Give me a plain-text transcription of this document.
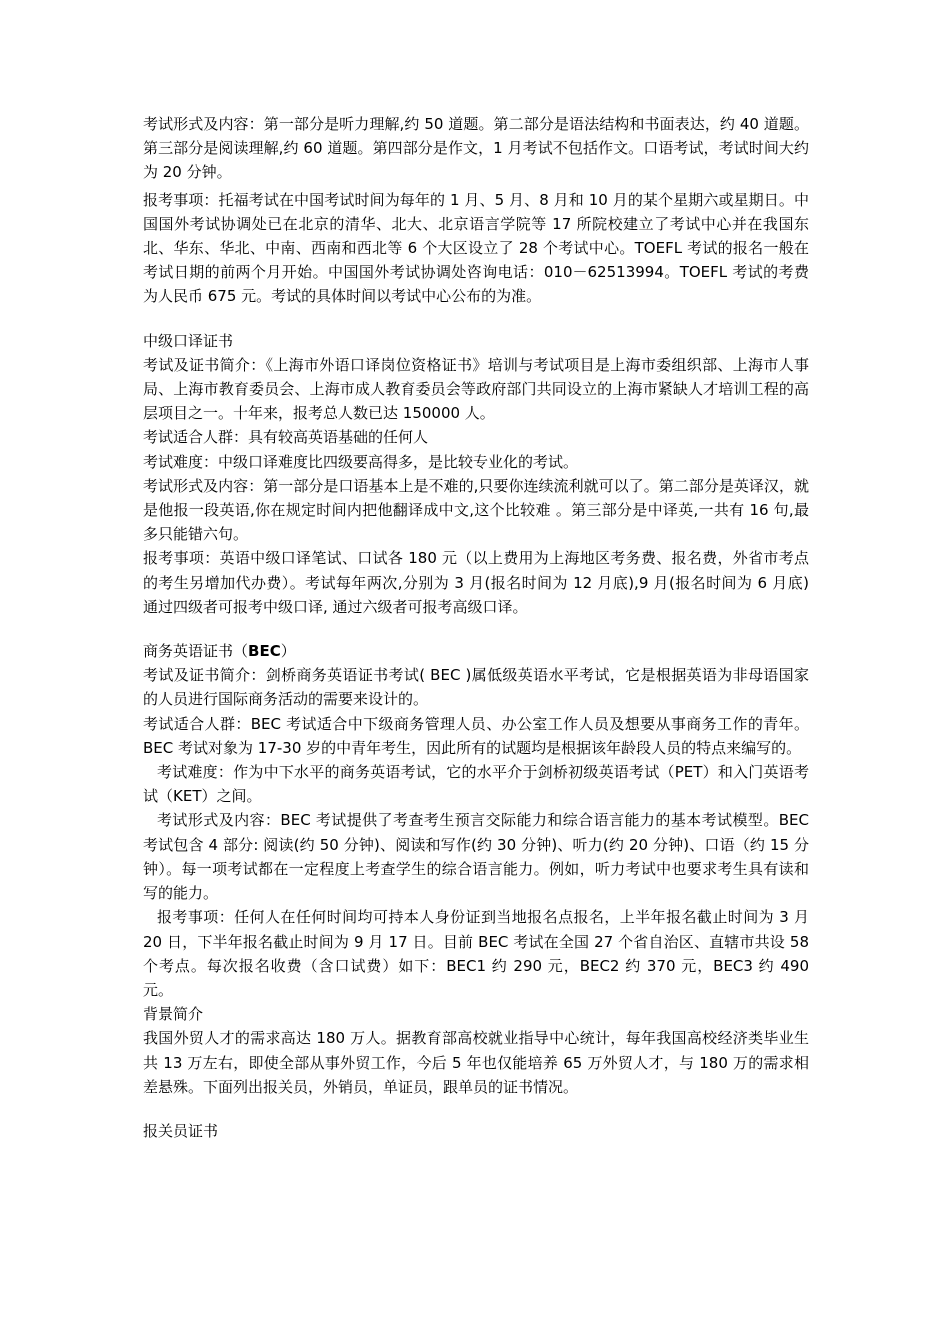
考试形式及内容：第一部分是听力理解,约 50 道题。第二部分是语法结构和书面表达，约 40 道题。第三部分是阅读理解,约 60 道题。第四部分是作文，1 月考试不包括作文。口语考试，考试时间大约为 20 分钟。

报考事项：托福考试在中国考试时间为每年的 1 月、5 月、8 月和 10 月的某个星期六或星期日。中国国外考试协调处已在北京的清华、北大、北京语言学院等 17 所院校建立了考试中心并在我国东北、华东、华北、中南、西南和西北等 6 个大区设立了 28 个考试中心。TOEFL 考试的报名一般在考试日期的前两个月开始。中国国外考试协调处咨询电话：010－62513994。TOEFL 考试的考费为人民币 675 元。考试的具体时间以考试中心公布的为准。

中级口译证书

考试及证书简介：《上海市外语口译岗位资格证书》培训与考试项目是上海市委组织部、上海市人事局、上海市教育委员会、上海市成人教育委员会等政府部门共同设立的上海市紧缺人才培训工程的高层项目之一。十年来，报考总人数已达 150000 人。

考试适合人群：具有较高英语基础的任何人

考试难度：中级口译难度比四级要高得多，是比较专业化的考试。

考试形式及内容：第一部分是口语基本上是不难的,只要你连续流利就可以了。第二部分是英译汉，就是他报一段英语,你在规定时间内把他翻译成中文,这个比较难 。第三部分是中译英,一共有 16 句,最多只能错六句。

报考事项：英语中级口译笔试、口试各 180 元（以上费用为上海地区考务费、报名费，外省市考点的考生另增加代办费）。考试每年两次,分别为 3 月(报名时间为 12 月底),9 月(报名时间为 6 月底) 通过四级者可报考中级口译, 通过六级者可报考高级口译。

商务英语证书（BEC）

考试及证书简介：剑桥商务英语证书考试( BEC )属低级英语水平考试，它是根据英语为非母语国家的人员进行国际商务活动的需要来设计的。

考试适合人群：BEC 考试适合中下级商务管理人员、办公室工作人员及想要从事商务工作的青年。BEC 考试对象为 17-30 岁的中青年考生，因此所有的试题均是根据该年龄段人员的特点来编写的。

考试难度：作为中下水平的商务英语考试，它的水平介于剑桥初级英语考试（PET）和入门英语考试（KET）之间。

考试形式及内容：BEC 考试提供了考查考生预言交际能力和综合语言能力的基本考试模型。BEC 考试包含 4 部分: 阅读(约 50 分钟)、阅读和写作(约 30 分钟)、听力(约 20 分钟)、口语（约 15 分钟）。每一项考试都在一定程度上考查学生的综合语言能力。例如，听力考试中也要求考生具有读和写的能力。

报考事项：任何人在任何时间均可持本人身份证到当地报名点报名，上半年报名截止时间为 3 月 20 日，下半年报名截止时间为 9 月 17 日。目前 BEC 考试在全国 27 个省自治区、直辖市共设 58 个考点。每次报名收费（含口试费）如下：BEC1 约 290 元，BEC2 约 370 元，BEC3 约 490 元。

背景简介

我国外贸人才的需求高达 180 万人。据教育部高校就业指导中心统计，每年我国高校经济类毕业生共 13 万左右，即使全部从事外贸工作，今后 5 年也仅能培养 65 万外贸人才，与 180 万的需求相差悬殊。下面列出报关员，外销员，单证员，跟单员的证书情况。

报关员证书
